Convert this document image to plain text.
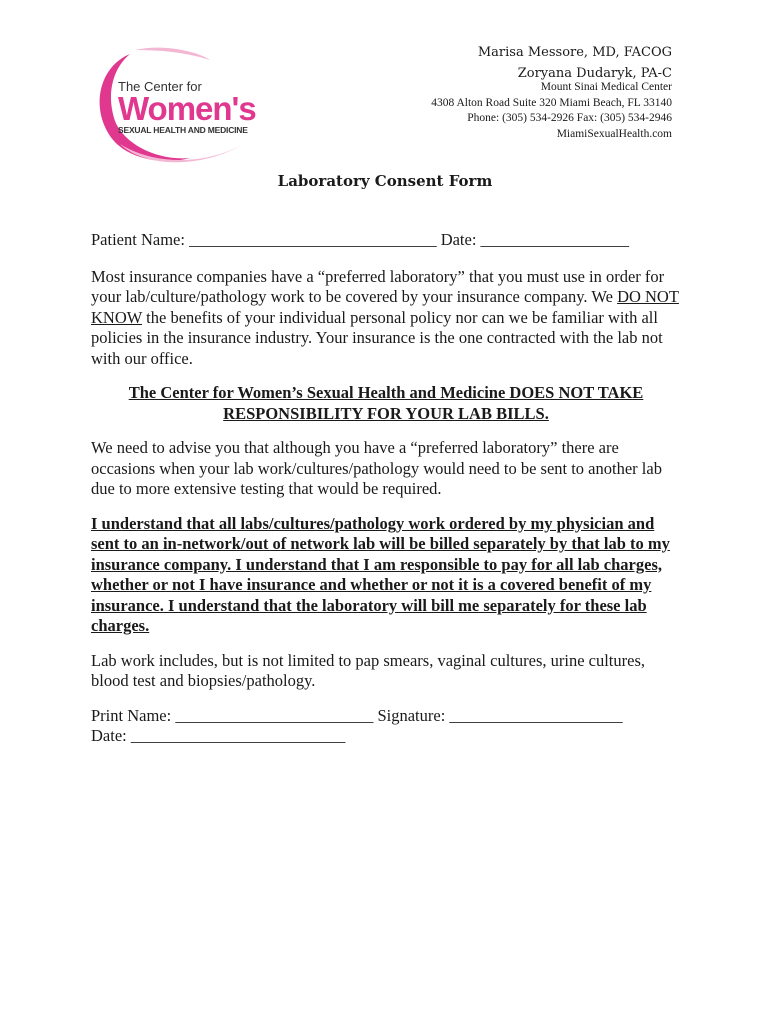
The Center for
Women's
SEXUAL HEALTH AND MEDICINE
Marisa Messore, MD, FACOG
Zoryana Dudaryk, PA-C
Mount Sinai Medical Center
4308 Alton Road Suite 320 Miami Beach, FL 33140
Phone: (305) 534-2926 Fax: (305) 534-2946
MiamiSexualHealth.com
Laboratory Consent Form

Patient Name: ______________________________ Date: __________________

Most insurance companies have a “preferred laboratory” that you must use in order for your lab/culture/pathology work to be covered by your insurance company. We DO NOT KNOW the benefits of your individual personal policy nor can we be familiar with all policies in the insurance industry. Your insurance is the one contracted with the lab not with our office.

The Center for Women’s Sexual Health and Medicine DOES NOT TAKE RESPONSIBILITY FOR YOUR LAB BILLS.

We need to advise you that although you have a “preferred laboratory” there are occasions when your lab work/cultures/pathology would need to be sent to another lab due to more extensive testing that would be required.

I understand that all labs/cultures/pathology work ordered by my physician and sent to an in-network/out of network lab will be billed separately by that lab to my insurance company. I understand that I am responsible to pay for all lab charges, whether or not I have insurance and whether or not it is a covered benefit of my insurance. I understand that the laboratory will bill me separately for these lab charges.

Lab work includes, but is not limited to pap smears, vaginal cultures, urine cultures, blood test and biopsies/pathology.

Print Name: ________________________ Signature: _____________________

Date: __________________________
